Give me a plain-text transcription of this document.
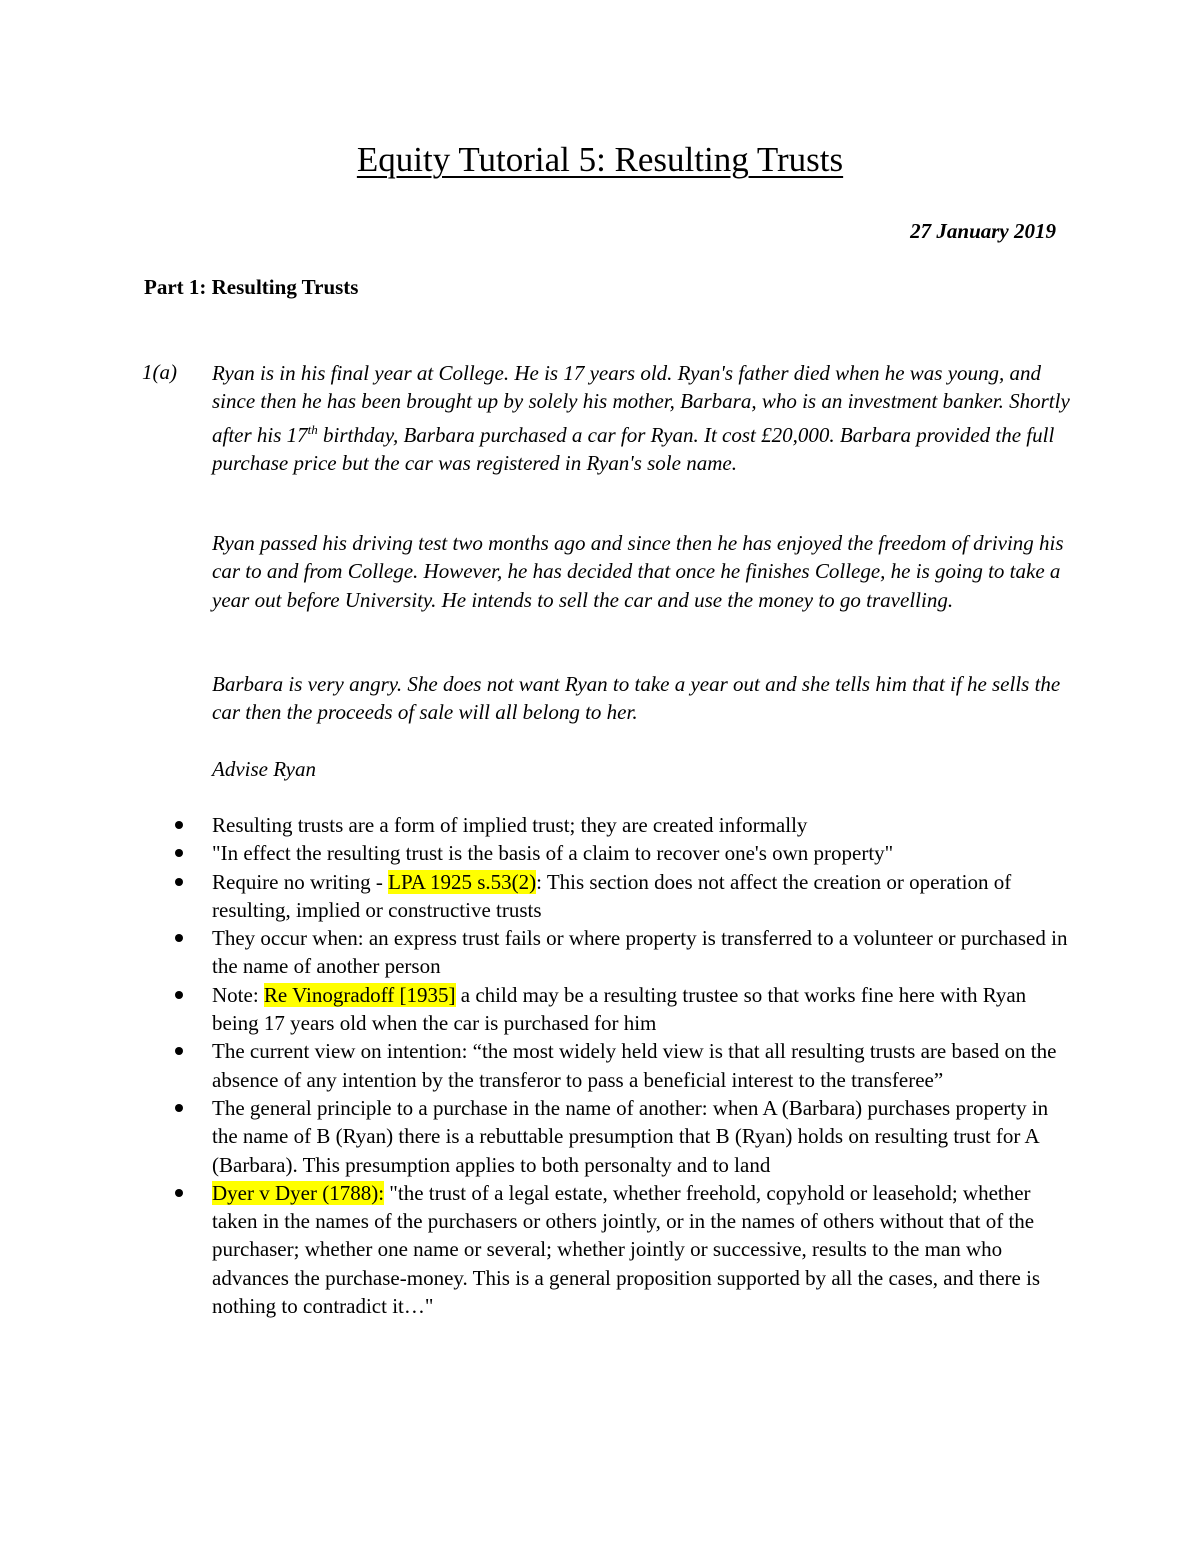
Equity Tutorial 5: Resulting Trusts
27 January 2019
Part 1: Resulting Trusts
1(a) Ryan is in his final year at College. He is 17 years old. Ryan's father died when he was young, and since then he has been brought up by solely his mother, Barbara, who is an investment banker. Shortly after his 17th birthday, Barbara purchased a car for Ryan. It cost £20,000. Barbara provided the full purchase price but the car was registered in Ryan's sole name.
Ryan passed his driving test two months ago and since then he has enjoyed the freedom of driving his car to and from College. However, he has decided that once he finishes College, he is going to take a year out before University. He intends to sell the car and use the money to go travelling.
Barbara is very angry. She does not want Ryan to take a year out and she tells him that if he sells the car then the proceeds of sale will all belong to her.
Advise Ryan
Resulting trusts are a form of implied trust; they are created informally
"In effect the resulting trust is the basis of a claim to recover one's own property"
Require no writing - LPA 1925 s.53(2): This section does not affect the creation or operation of resulting, implied or constructive trusts
They occur when: an express trust fails or where property is transferred to a volunteer or purchased in the name of another person
Note: Re Vinogradoff [1935] a child may be a resulting trustee so that works fine here with Ryan being 17 years old when the car is purchased for him
The current view on intention: “the most widely held view is that all resulting trusts are based on the absence of any intention by the transferor to pass a beneficial interest to the transferee”
The general principle to a purchase in the name of another: when A (Barbara) purchases property in the name of B (Ryan) there is a rebuttable presumption that B (Ryan) holds on resulting trust for A (Barbara). This presumption applies to both personalty and to land
Dyer v Dyer (1788): "the trust of a legal estate, whether freehold, copyhold or leasehold; whether taken in the names of the purchasers or others jointly, or in the names of others without that of the purchaser; whether one name or several; whether jointly or successive, results to the man who advances the purchase-money. This is a general proposition supported by all the cases, and there is nothing to contradict it…"
